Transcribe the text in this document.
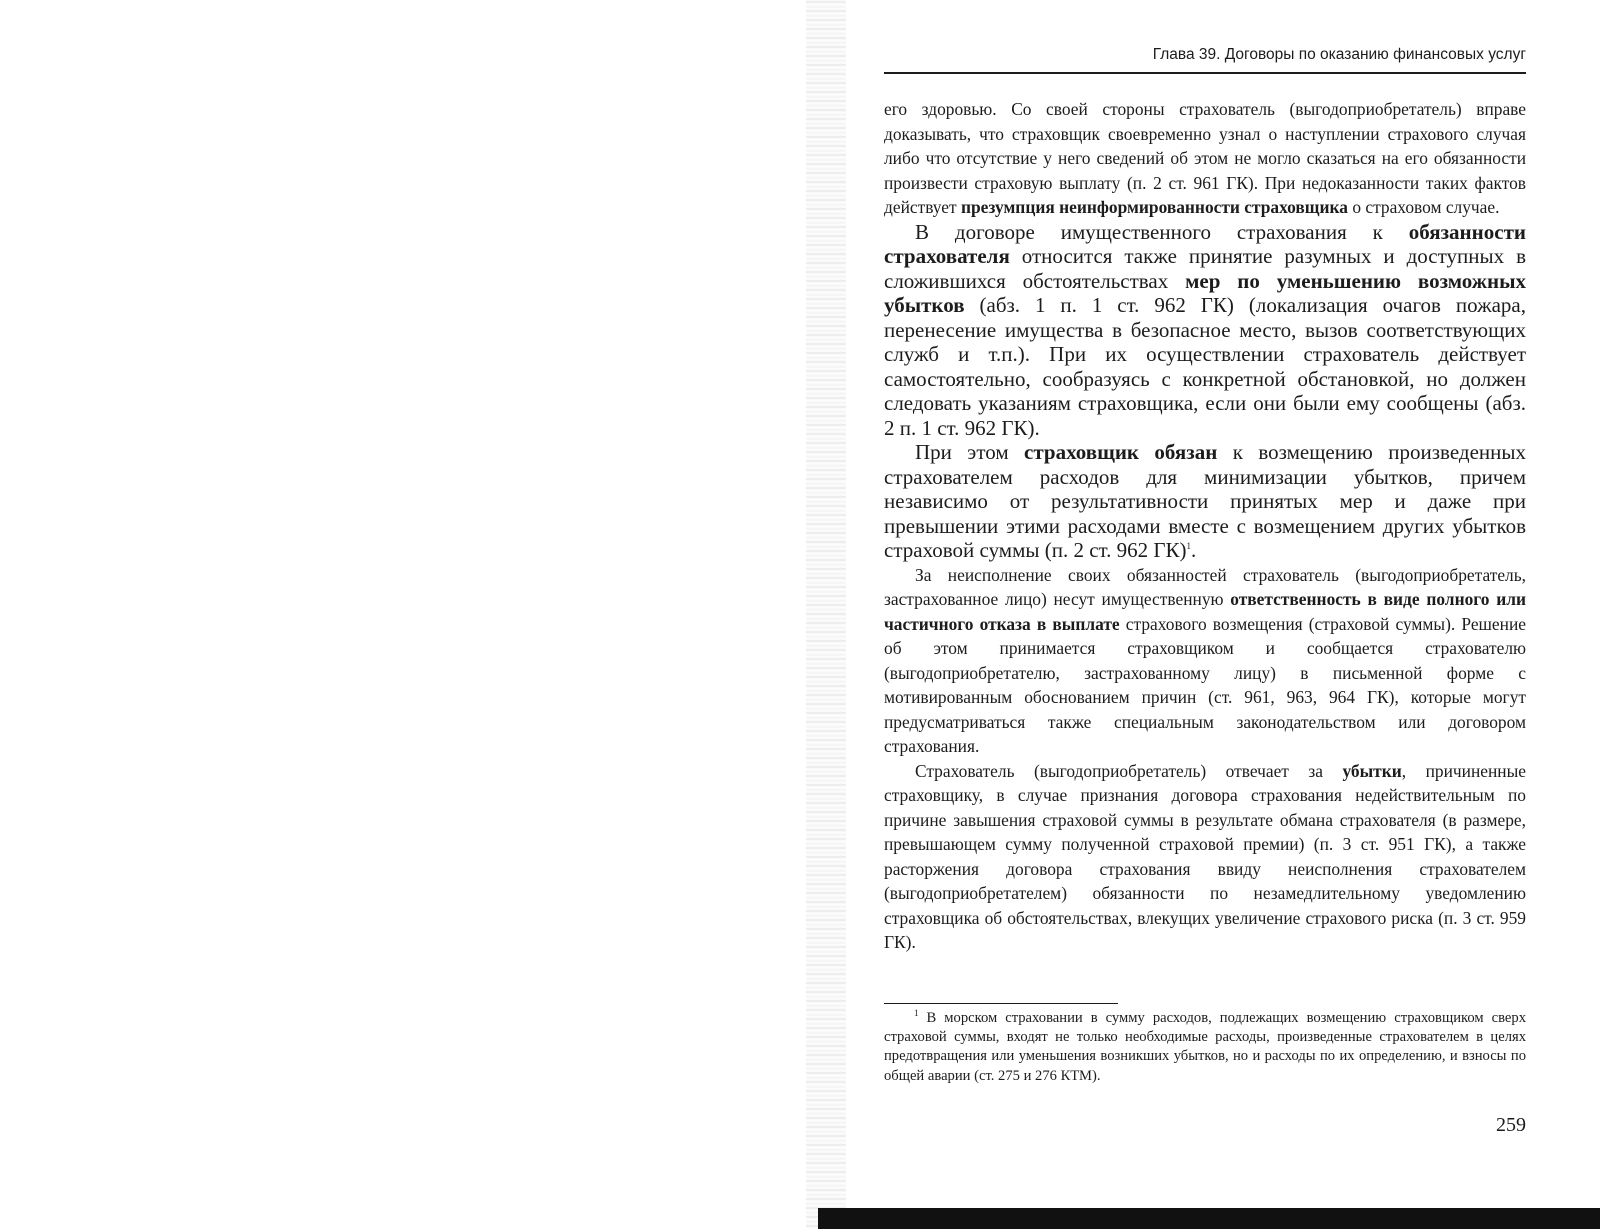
Глава 39. Договоры по оказанию финансовых услуг

его здоровью. Со своей стороны страхователь (выгодоприобретатель) вправе доказывать, что страховщик своевременно узнал о наступлении страхового случая либо что отсутствие у него сведений об этом не могло сказаться на его обязанности произвести страховую выплату (п. 2 ст. 961 ГК). При недоказанности таких фактов действует презумпция неинформированности страховщика о страховом случае.

В договоре имущественного страхования к обязанности страхователя относится также принятие разумных и доступных в сложившихся обстоятельствах мер по уменьшению возможных убытков (абз. 1 п. 1 ст. 962 ГК) (локализация очагов пожара, перенесение имущества в безопасное место, вызов соответствующих служб и т.п.). При их осуществлении страхователь действует самостоятельно, сообразуясь с конкретной обстановкой, но должен следовать указаниям страховщика, если они были ему сообщены (абз. 2 п. 1 ст. 962 ГК).

При этом страховщик обязан к возмещению произведенных страхователем расходов для минимизации убытков, причем независимо от результативности принятых мер и даже при превышении этими расходами вместе с возмещением других убытков страховой суммы (п. 2 ст. 962 ГК)$^1$.

За неисполнение своих обязанностей страхователь (выгодоприобретатель, застрахованное лицо) несут имущественную ответственность в виде полного или частичного отказа в выплате страхового возмещения (страховой суммы). Решение об этом принимается страховщиком и сообщается страхователю (выгодоприобретателю, застрахованному лицу) в письменной форме с мотивированным обоснованием причин (ст. 961, 963, 964 ГК), которые могут предусматриваться также специальным законодательством или договором страхования.

Страхователь (выгодоприобретатель) отвечает за убытки, причиненные страховщику, в случае признания договора страхования недействительным по причине завышения страховой суммы в результате обмана страхователя (в размере, превышающем сумму полученной страховой премии) (п. 3 ст. 951 ГК), а также расторжения договора страхования ввиду неисполнения страхователем (выгодоприобретателем) обязанности по незамедлительному уведомлению страховщика об обстоятельствах, влекущих увеличение страхового риска (п. 3 ст. 959 ГК).

$^1$ В морском страховании в сумму расходов, подлежащих возмещению страховщиком сверх страховой суммы, входят не только необходимые расходы, произведенные страхователем в целях предотвращения или уменьшения возникших убытков, но и расходы по их определению, и взносы по общей аварии (ст. 275 и 276 КТМ).

259
